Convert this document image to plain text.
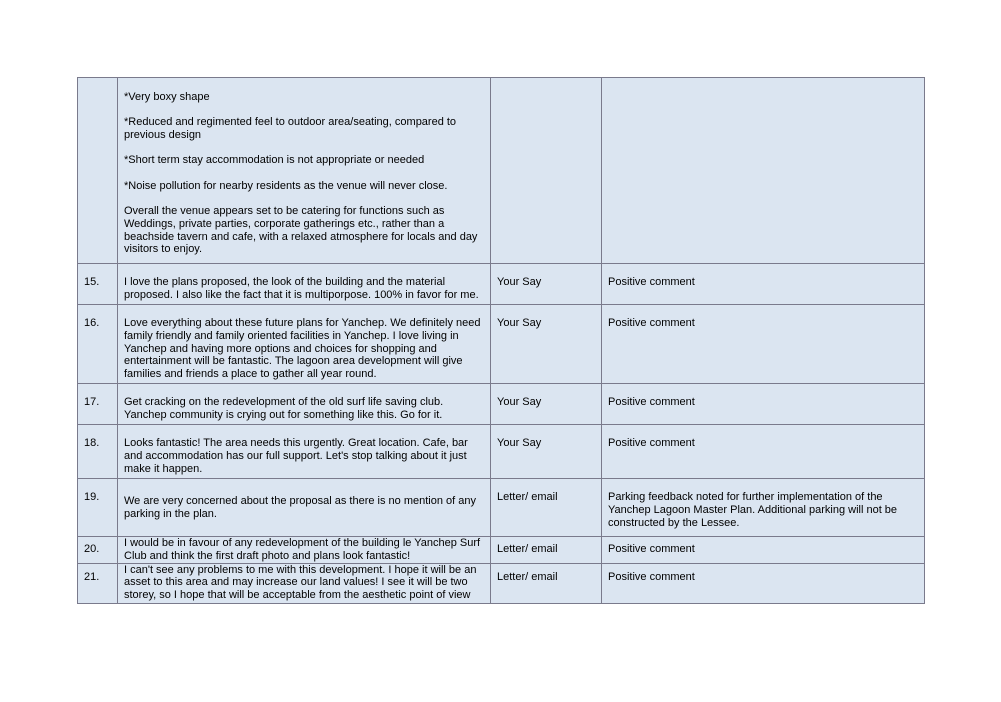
	*Very boxy shape
*Reduced and regimented feel to outdoor area/seating, compared to previous design
*Short term stay accommodation is not appropriate or needed
*Noise pollution for nearby residents as the venue will never close.
Overall the venue appears set to be catering for functions such as Weddings, private parties, corporate gatherings etc., rather than a beachside tavern and cafe, with a relaxed atmosphere for locals and day visitors to enjoy.		

15.	I love the plans proposed, the look of the building and the material proposed. I also like the fact that it is multiporpose. 100% in favor for me.	Your Say	Positive comment
16.	Love everything about these future plans for Yanchep. We definitely need family friendly and family oriented facilities in Yanchep. I love living in Yanchep and having more options and choices for shopping and entertainment will be fantastic. The lagoon area development will give families and friends a place to gather all year round.	Your Say	Positive comment
17.	Get cracking on the redevelopment of the old surf life saving club. Yanchep community is crying out for something like this. Go for it.	Your Say	Positive comment
18.	Looks fantastic! The area needs this urgently. Great location. Cafe, bar and accommodation has our full support. Let's stop talking about it just make it happen.	Your Say	Positive comment
19.	We are very concerned about the proposal as there is no mention of any parking in the plan.	Letter/ email	Parking feedback noted for further implementation of the Yanchep Lagoon Master Plan. Additional parking will not be constructed by the Lessee.
20.	I would be in favour of any redevelopment of the building le Yanchep Surf Club and think the first draft photo and plans look fantastic!	Letter/ email	Positive comment
21.	I can't see any problems to me with this development. I hope it will be an asset to this area and may increase our land values! I see it will be two storey, so I hope that will be acceptable from the aesthetic point of view	Letter/ email	Positive comment
